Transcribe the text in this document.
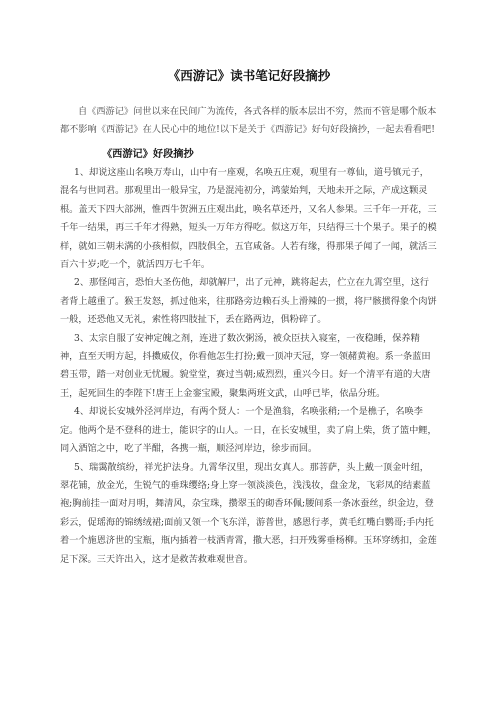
《西游记》读书笔记好段摘抄

自《西游记》问世以来在民间广为流传，各式各样的版本层出不穷，然而不管是哪个版本都不影响《西游记》在人民心中的地位!以下是关于《西游记》好句好段摘抄，一起去看看吧!

《西游记》好段摘抄

1、却说这座山名唤万寿山，山中有一座观，名唤五庄观，观里有一尊仙，道号镇元子，混名与世同君。那观里出一般异宝，乃是混沌初分，鸿蒙始判，天地未开之际，产成这颗灵根。盖天下四大部洲，惟西牛贺洲五庄观出此，唤名草还丹，又名人参果。三千年一开花，三千年一结果，再三千年才得熟，短头一万年方得吃。似这万年，只结得三十个果子。果子的模样，就如三朝未满的小孩相似，四肢俱全，五官咸备。人若有缘，得那果子闻了一闻，就活三百六十岁;吃一个，就活四万七千年。

2、那怪闻言，恐怕大圣伤他，却就解尸，出了元神，跳将起去，伫立在九霄空里，这行者背上越重了。猴王发怒，抓过他来，往那路旁边赖石头上滑辣的一掼，将尸骸掼得象个肉饼一般，还恐他又无礼，索性将四肢扯下，丢在路两边，俱粉碎了。

3、太宗自服了安神定魄之剂，连进了数次粥汤，被众臣扶入寝室，一夜稳睡，保养精神，直至天明方起，抖擞威仪，你看他怎生打扮;戴一顶冲天冠，穿一领赭黄袍。系一条蓝田碧玉带，踏一对创业无忧履。貌堂堂，赛过当朝;威烈烈，重兴今日。好一个清平有道的大唐王，起死回生的李陛下!唐王上金銮宝殿，聚集两班文武，山呼已毕，依品分班。

4、却说长安城外泾河岸边，有两个贤人：一个是渔翁，名唤张稍;一个是樵子，名唤李定。他两个是不登科的进士，能识字的山人。一日，在长安城里，卖了肩上柴，货了篮中鲤，同入酒馆之中，吃了半酣，各携一瓶，顺泾河岸边，徐步而回。

5、瑞霭散缤纷，祥光护法身。九霄华汉里，现出女真人。那菩萨，头上戴一顶金叶纽，翠花铺，放金光，生锐气的垂珠缨络;身上穿一领淡淡色，浅浅妆，盘金龙，飞彩凤的结素蓝袍;胸前挂一面对月明，舞清风，杂宝珠，攒翠玉的砌香环佩;腰间系一条冰蚕丝，织金边，登彩云，促瑶海的锦绣绒裙;面前又领一个飞东洋，游普世，感恩行孝，黄毛红嘴白鹦哥;手内托着一个施恩济世的宝瓶，瓶内插着一枝洒青霄，撒大恶，扫开残雾垂杨柳。玉环穿绣扣，金莲足下深。三天许出入，这才是救苦救难观世音。
